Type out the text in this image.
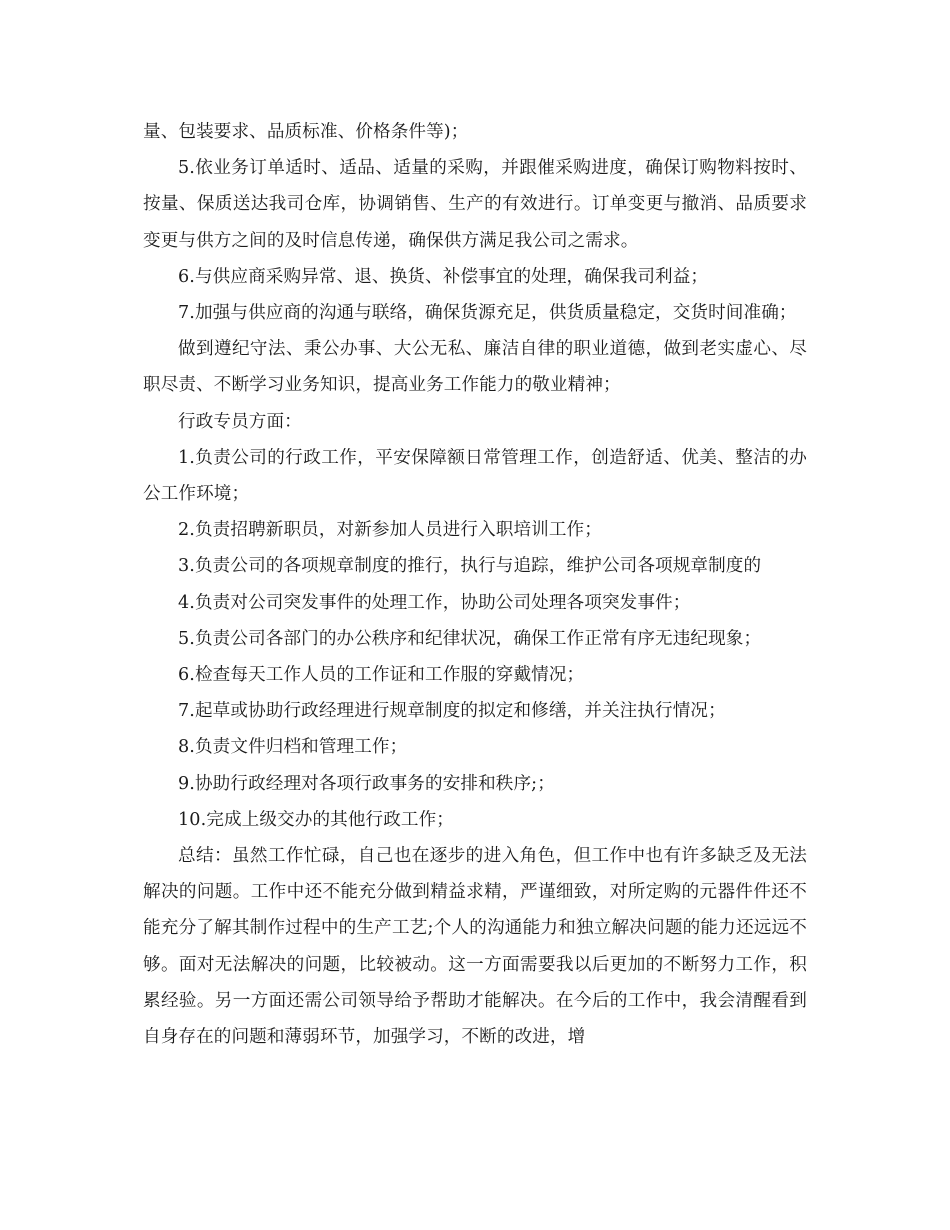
量、包装要求、品质标准、价格条件等)；

5.依业务订单适时、适品、适量的采购，并跟催采购进度，确保订购物料按时、按量、保质送达我司仓库，协调销售、生产的有效进行。订单变更与撤消、品质要求变更与供方之间的及时信息传递，确保供方满足我公司之需求。

6.与供应商采购异常、退、换货、补偿事宜的处理，确保我司利益；

7.加强与供应商的沟通与联络，确保货源充足，供货质量稳定，交货时间准确；

做到遵纪守法、秉公办事、大公无私、廉洁自律的职业道德，做到老实虚心、尽职尽责、不断学习业务知识，提高业务工作能力的敬业精神；

行政专员方面：

1.负责公司的行政工作，平安保障额日常管理工作，创造舒适、优美、整洁的办公工作环境；

2.负责招聘新职员，对新参加人员进行入职培训工作；

3.负责公司的各项规章制度的推行，执行与追踪，维护公司各项规章制度的

4.负责对公司突发事件的处理工作，协助公司处理各项突发事件；

5.负责公司各部门的办公秩序和纪律状况，确保工作正常有序无违纪现象；

6.检查每天工作人员的工作证和工作服的穿戴情况；

7.起草或协助行政经理进行规章制度的拟定和修缮，并关注执行情况；

8.负责文件归档和管理工作；

9.协助行政经理对各项行政事务的安排和秩序;；

10.完成上级交办的其他行政工作；

总结：虽然工作忙碌，自己也在逐步的进入角色，但工作中也有许多缺乏及无法解决的问题。工作中还不能充分做到精益求精，严谨细致，对所定购的元器件件还不能充分了解其制作过程中的生产工艺;个人的沟通能力和独立解决问题的能力还远远不够。面对无法解决的问题，比较被动。这一方面需要我以后更加的不断努力工作，积累经验。另一方面还需公司领导给予帮助才能解决。在今后的工作中，我会清醒看到自身存在的问题和薄弱环节，加强学习，不断的改进，增
